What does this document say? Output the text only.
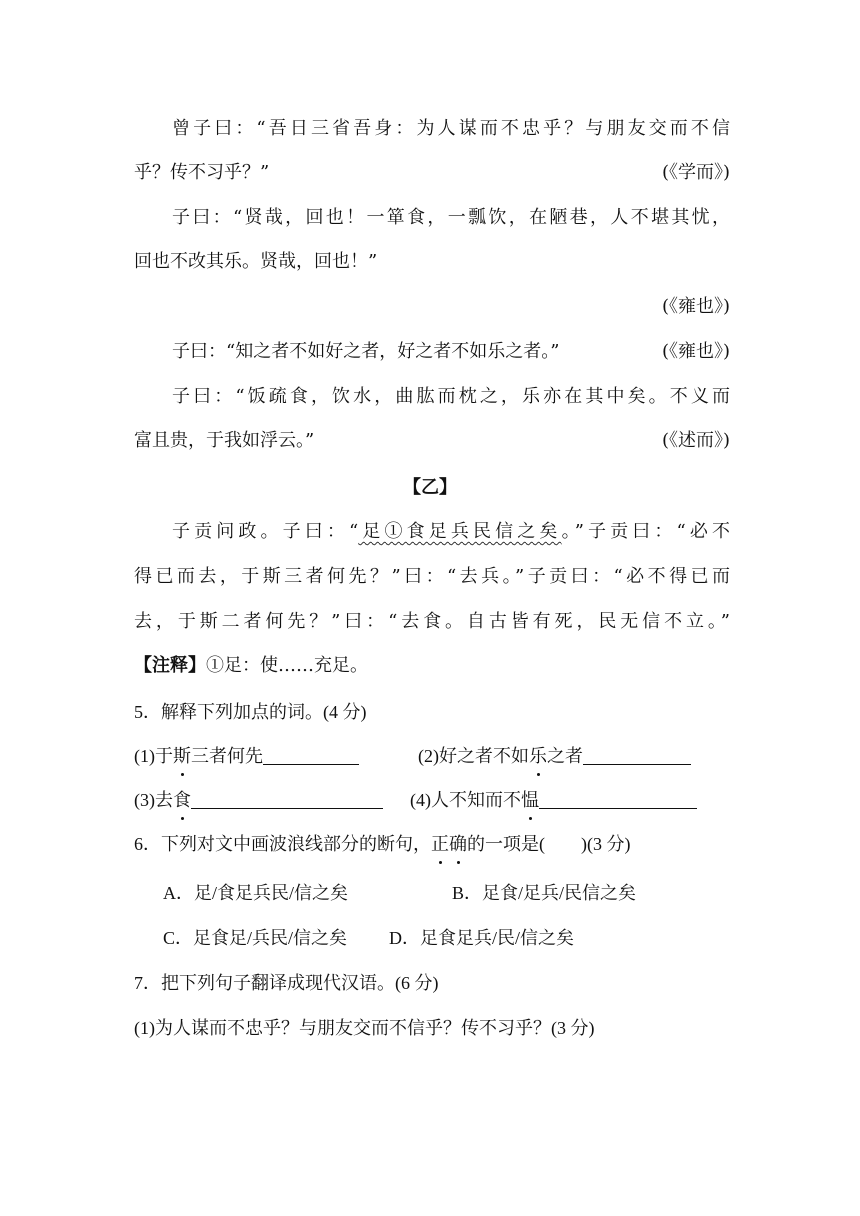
曾子曰：“吾日三省吾身：为人谋而不忠乎？与朋友交而不信
乎？传不习乎？”	(《学而》)
子曰：“贤哉，回也！一箪食，一瓢饮，在陋巷，人不堪其忧，
回也不改其乐。贤哉，回也！”
(《雍也》)
子曰：“知之者不如好之者，好之者不如乐之者。”	(《雍也》)
子曰：“饭疏食，饮水，曲肱而枕之，乐亦在其中矣。不义而
富且贵，于我如浮云。”	(《述而》)
【乙】
子贡问政。子曰：“足①食足兵民信之矣。”子贡曰：“必不
得已而去，于斯三者何先？”曰：“去兵。”子贡曰：“必不得已而
去，于斯二者何先？”曰：“去食。自古皆有死，民无信不立。”
【注释】①足：使……充足。
5．解释下列加点的词。(4 分)
(1)于斯三者何先	(2)好之者不如乐之者
(3)去食	(4)人不知而不愠
6．下列对文中画波浪线部分的断句，正确的一项是(　　)(3 分)
A．足/食足兵民/信之矣	B．足食/足兵/民信之矣
C．足食足/兵民/信之矣	D．足食足兵/民/信之矣
7．把下列句子翻译成现代汉语。(6 分)
(1)为人谋而不忠乎？与朋友交而不信乎？传不习乎？(3 分)
